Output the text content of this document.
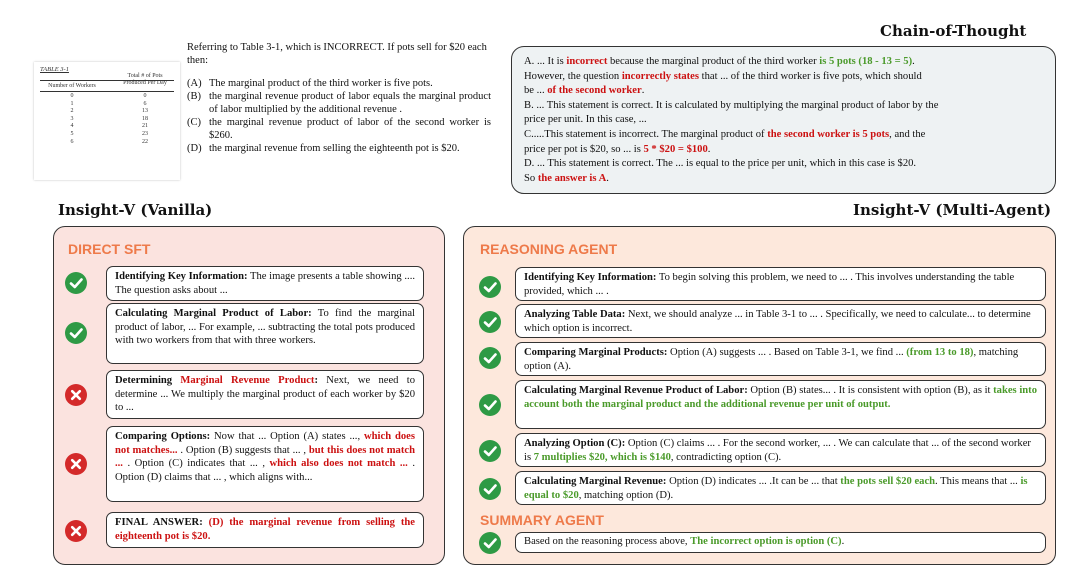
TABLE 3-1
Number of Workers
Total # of Pots
Produced Per Day
0
1
2
3
4
5
6
0
6
13
18
21
23
22
Referring to Table 3-1, which is INCORRECT. If pots sell for $20 each then:
(A) The marginal product of the third worker is five pots.
(B) the marginal revenue product of labor equals the marginal product of labor multiplied by the additional revenue .
(C) the marginal revenue product of labor of the second worker is $260.
(D) the marginal revenue from selling the eighteenth pot is $20.
Chain-of-Thought
Insight-V (Vanilla)	Insight-V (Multi-Agent)
A. ... It is incorrect because the marginal product of the third worker is 5 pots (18 - 13 = 5).
However, the question incorrectly states that ... of the third worker is five pots, which should
be ... of the second worker.
B. ... This statement is correct. It is calculated by multiplying the marginal product of labor by the
price per unit. In this case, ...
C.....This statement is incorrect. The marginal product of the second worker is 5 pots, and the
price per pot is $20, so ... is 5 * $20 = $100.
D. ... This statement is correct. The ... is equal to the price per unit, which in this case is $20.
So the answer is A.
DIRECT SFT
Identifying Key Information: The image presents a table showing .... The question asks about ...
Calculating Marginal Product of Labor: To find the marginal product of labor, ... For example, ... subtracting the total pots produced with two workers from that with three workers.
Determining Marginal Revenue Product: Next, we need to determine ... We multiply the marginal product of each worker by $20 to ...
Comparing Options: Now that ... Option (A) states ..., which does not matches... . Option (B) suggests that ... , but this does not match ... . Option (C) indicates that ... , which also does not match ... . Option (D) claims that ... , which aligns with...
FINAL ANSWER: (D) the marginal revenue from selling the eighteenth pot is $20.
REASONING AGENT
Identifying Key Information: To begin solving this problem, we need to ... . This involves understanding the table provided, which ... .
Analyzing Table Data: Next, we should analyze ... in Table 3-1 to ... . Specifically, we need to calculate... to determine which option is incorrect.
Comparing Marginal Products: Option (A) suggests ... . Based on Table 3-1, we find ... (from 13 to 18), matching option (A).
Calculating Marginal Revenue Product of Labor: Option (B) states... . It is consistent with option (B), as it takes into account both the marginal product and the additional revenue per unit of output.
Analyzing Option (C): Option (C) claims ... . For the second worker, ... . We can calculate that ... of the second worker is 7 multiplies $20, which is $140, contradicting option (C).
Calculating Marginal Revenue: Option (D) indicates ... .It can be ... that the pots sell $20 each. This means that ... is equal to $20, matching option (D).
SUMMARY AGENT
Based on the reasoning process above, The incorrect option is option (C).
